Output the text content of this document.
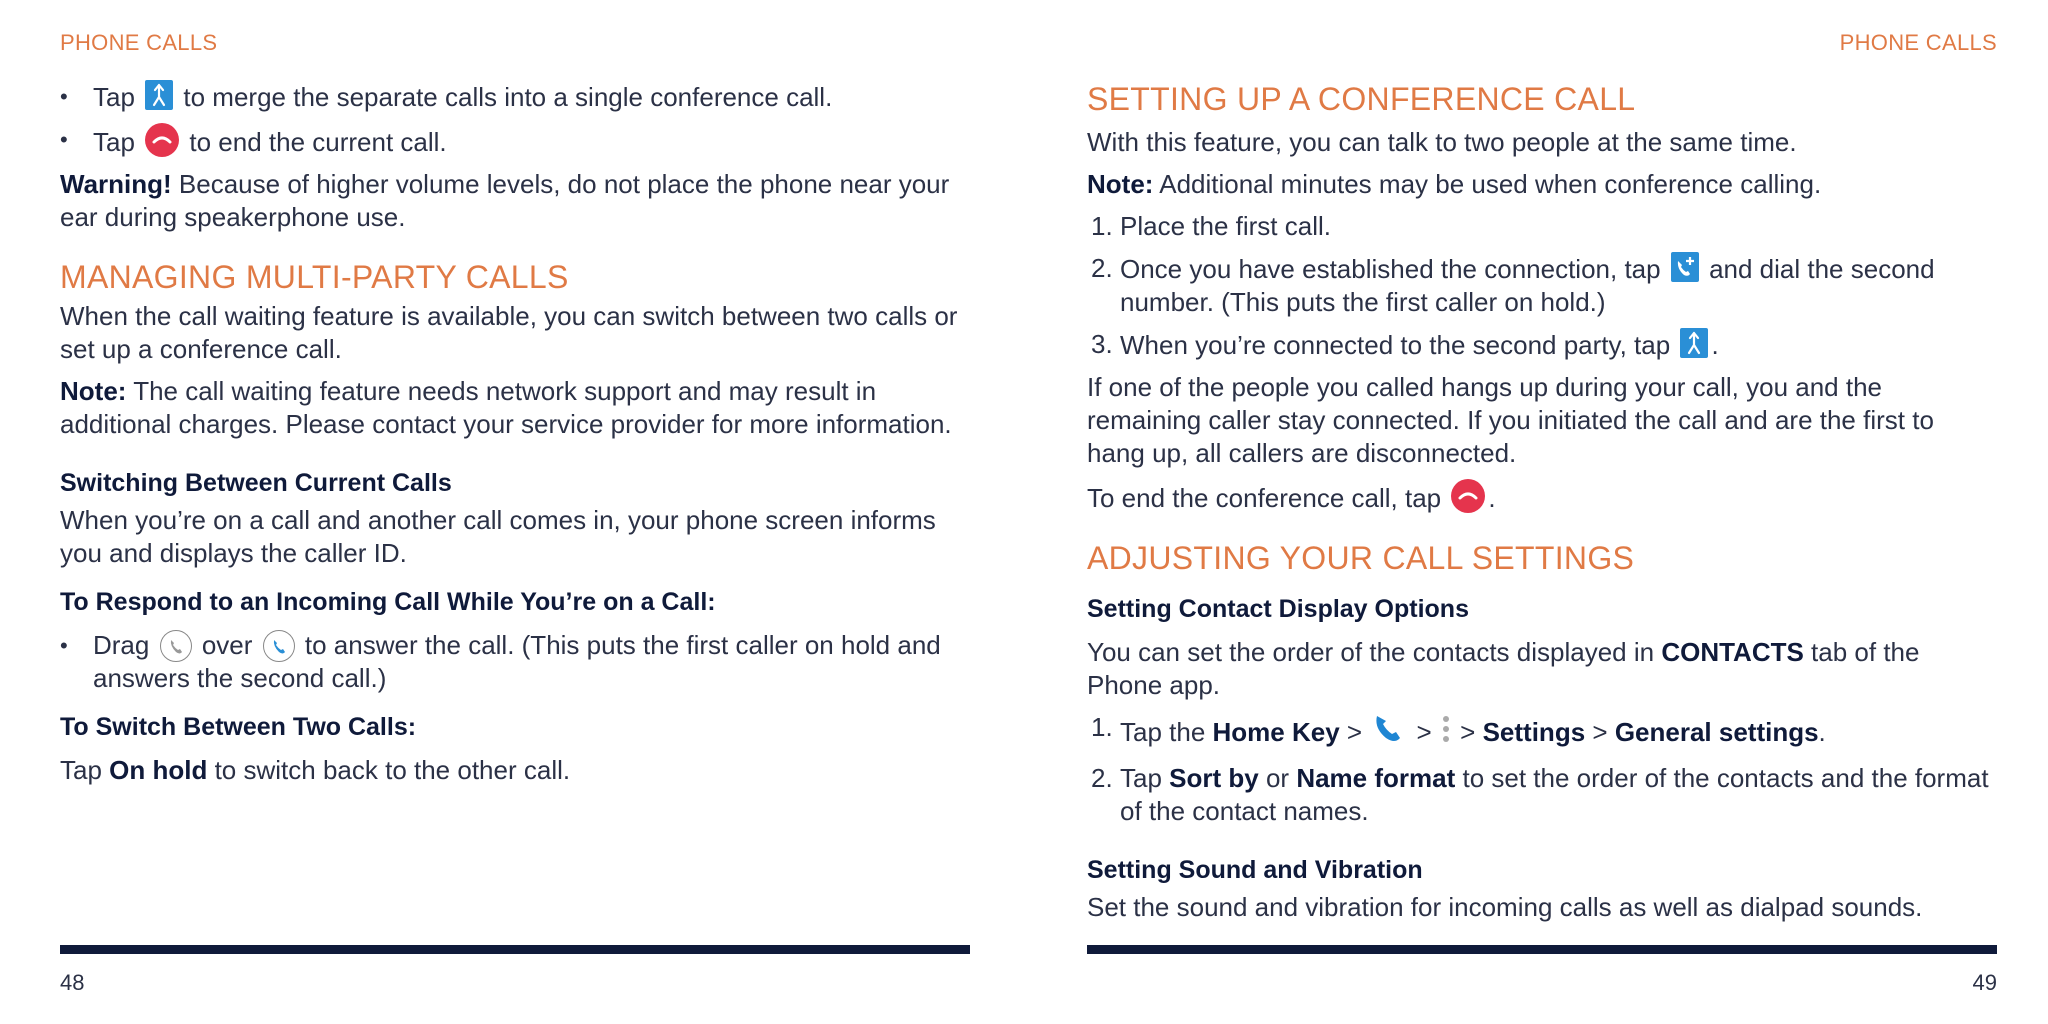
PHONE CALLS
• Tap to merge the separate calls into a single conference call.
• Tap to end the current call.

Warning! Because of higher volume levels, do not place the phone near your ear during speakerphone use.

MANAGING MULTI-PARTY CALLS

When the call waiting feature is available, you can switch between two calls or set up a conference call.

Note: The call waiting feature needs network support and may result in additional charges. Please contact your service provider for more information.

Switching Between Current Calls

When you’re on a call and another call comes in, your phone screen informs you and displays the caller ID.

To Respond to an Incoming Call While You’re on a Call:
• Drag over to answer the call. (This puts the first caller on hold and answers the second call.)
To Switch Between Two Calls:

Tap On hold to switch back to the other call.

48
PHONE CALLS
SETTING UP A CONFERENCE CALL

With this feature, you can talk to two people at the same time.

Note: Additional minutes may be used when conference calling.

1. Place the first call.
2. Once you have established the connection, tap and dial the second number. (This puts the first caller on hold.)
3. When you’re connected to the second party, tap .

If one of the people you called hangs up during your call, you and the remaining caller stay connected. If you initiated the call and are the first to hang up, all callers are disconnected.

To end the conference call, tap .

ADJUSTING YOUR CALL SETTINGS
Setting Contact Display Options

You can set the order of the contacts displayed in CONTACTS tab of the Phone app.

1. Tap the Home Key >  >  > Settings > General settings.
2. Tap Sort by or Name format to set the order of the contacts and the format of the contact names.
Setting Sound and Vibration

Set the sound and vibration for incoming calls as well as dialpad sounds.

49
